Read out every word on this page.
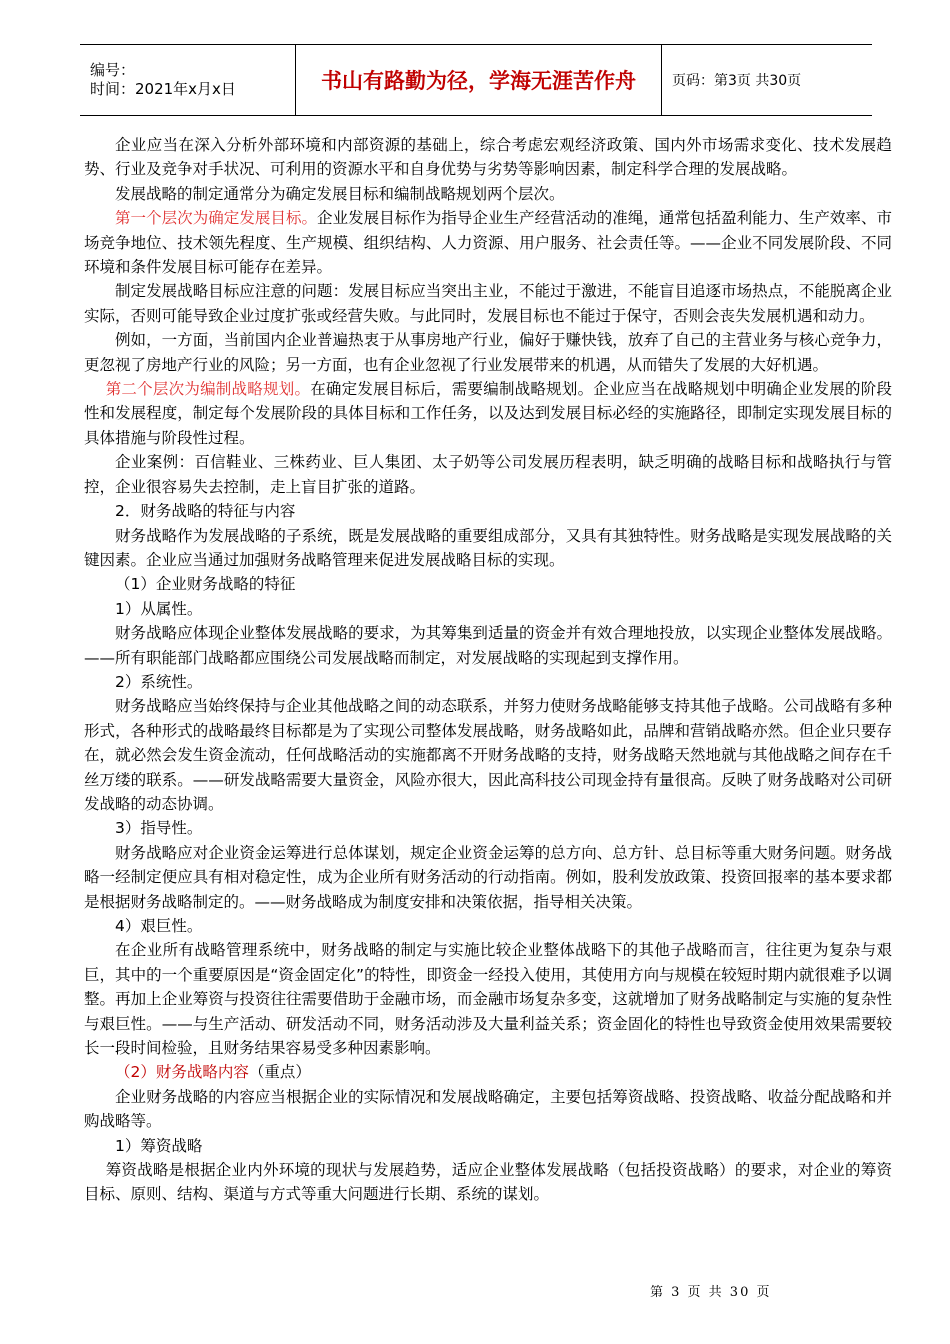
编号：
时间：2021年x月x日	书山有路勤为径，学海无涯苦作舟	页码：第3页 共30页

企业应当在深入分析外部环境和内部资源的基础上，综合考虑宏观经济政策、国内外市场需求变化、技术发展趋势、行业及竞争对手状况、可利用的资源水平和自身优势与劣势等影响因素，制定科学合理的发展战略。

发展战略的制定通常分为确定发展目标和编制战略规划两个层次。

第一个层次为确定发展目标。企业发展目标作为指导企业生产经营活动的准绳，通常包括盈利能力、生产效率、市场竞争地位、技术领先程度、生产规模、组织结构、人力资源、用户服务、社会责任等。——企业不同发展阶段、不同环境和条件发展目标可能存在差异。

制定发展战略目标应注意的问题：发展目标应当突出主业，不能过于激进，不能盲目追逐市场热点，不能脱离企业实际，否则可能导致企业过度扩张或经营失败。与此同时，发展目标也不能过于保守，否则会丧失发展机遇和动力。

例如，一方面，当前国内企业普遍热衷于从事房地产行业，偏好于赚快钱，放弃了自己的主营业务与核心竞争力，更忽视了房地产行业的风险；另一方面，也有企业忽视了行业发展带来的机遇，从而错失了发展的大好机遇。

第二个层次为编制战略规划。在确定发展目标后，需要编制战略规划。企业应当在战略规划中明确企业发展的阶段性和发展程度，制定每个发展阶段的具体目标和工作任务，以及达到发展目标必经的实施路径，即制定实现发展目标的具体措施与阶段性过程。

企业案例：百信鞋业、三株药业、巨人集团、太子奶等公司发展历程表明，缺乏明确的战略目标和战略执行与管控，企业很容易失去控制，走上盲目扩张的道路。

2．财务战略的特征与内容

财务战略作为发展战略的子系统，既是发展战略的重要组成部分，又具有其独特性。财务战略是实现发展战略的关键因素。企业应当通过加强财务战略管理来促进发展战略目标的实现。

（1）企业财务战略的特征

1）从属性。

财务战略应体现企业整体发展战略的要求，为其筹集到适量的资金并有效合理地投放，以实现企业整体发展战略。——所有职能部门战略都应围绕公司发展战略而制定，对发展战略的实现起到支撑作用。

2）系统性。

财务战略应当始终保持与企业其他战略之间的动态联系，并努力使财务战略能够支持其他子战略。公司战略有多种形式，各种形式的战略最终目标都是为了实现公司整体发展战略，财务战略如此，品牌和营销战略亦然。但企业只要存在，就必然会发生资金流动，任何战略活动的实施都离不开财务战略的支持，财务战略天然地就与其他战略之间存在千丝万缕的联系。——研发战略需要大量资金，风险亦很大，因此高科技公司现金持有量很高。反映了财务战略对公司研发战略的动态协调。

3）指导性。

财务战略应对企业资金运筹进行总体谋划，规定企业资金运筹的总方向、总方针、总目标等重大财务问题。财务战略一经制定便应具有相对稳定性，成为企业所有财务活动的行动指南。例如，股利发放政策、投资回报率的基本要求都是根据财务战略制定的。——财务战略成为制度安排和决策依据，指导相关决策。

4）艰巨性。

在企业所有战略管理系统中，财务战略的制定与实施比较企业整体战略下的其他子战略而言，往往更为复杂与艰巨，其中的一个重要原因是“资金固定化”的特性，即资金一经投入使用，其使用方向与规模在较短时期内就很难予以调整。再加上企业筹资与投资往往需要借助于金融市场，而金融市场复杂多变，这就增加了财务战略制定与实施的复杂性与艰巨性。——与生产活动、研发活动不同，财务活动涉及大量利益关系；资金固化的特性也导致资金使用效果需要较长一段时间检验，且财务结果容易受多种因素影响。

（2）财务战略内容（重点）

企业财务战略的内容应当根据企业的实际情况和发展战略确定，主要包括筹资战略、投资战略、收益分配战略和并购战略等。

1）筹资战略

筹资战略是根据企业内外环境的现状与发展趋势，适应企业整体发展战略（包括投资战略）的要求，对企业的筹资目标、原则、结构、渠道与方式等重大问题进行长期、系统的谋划。

第 3 页 共 30 页
